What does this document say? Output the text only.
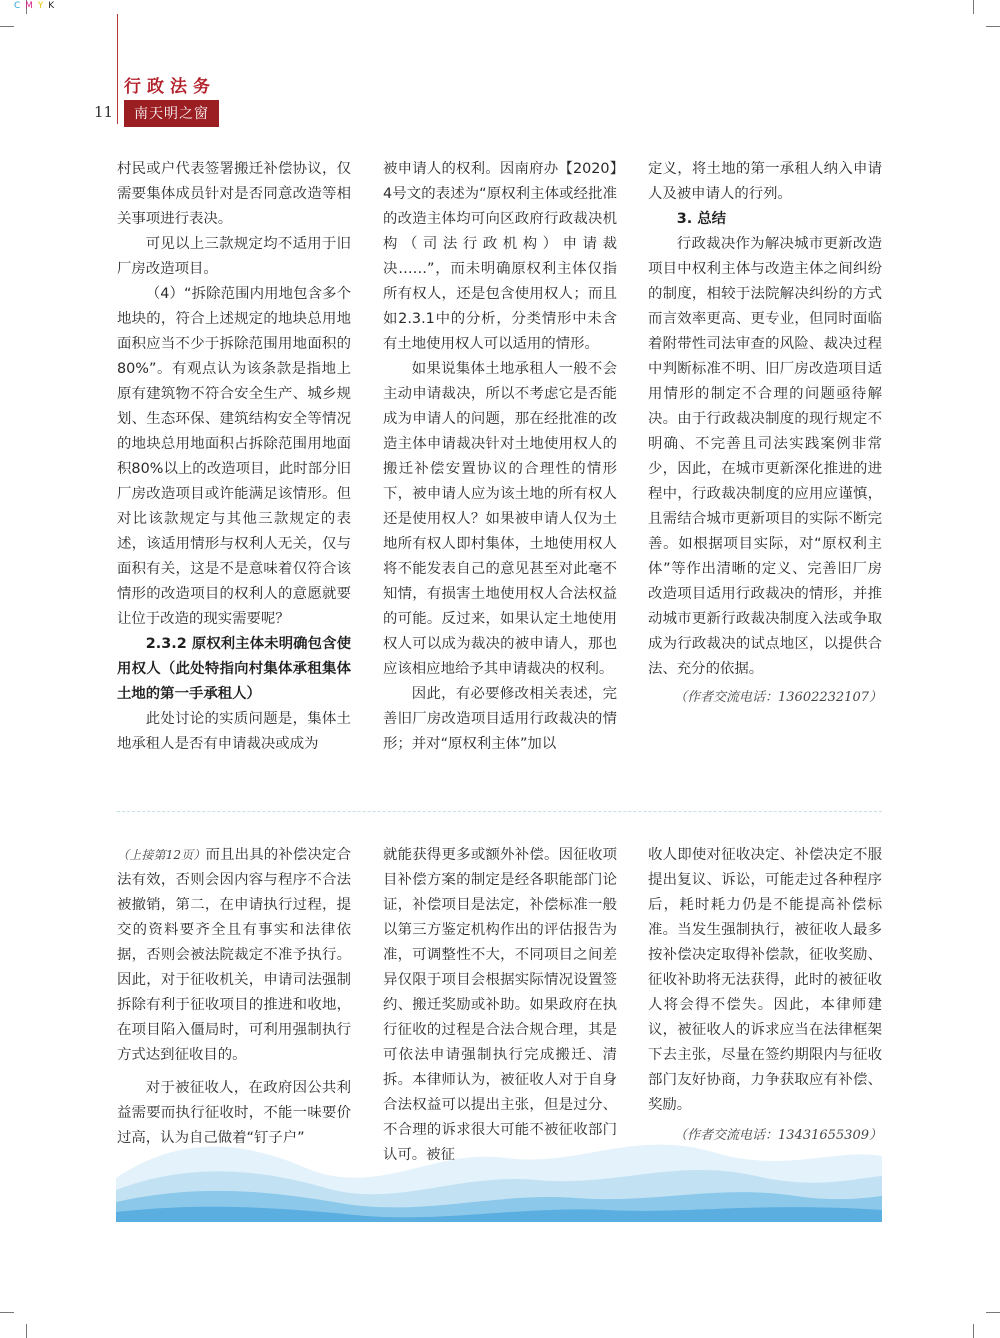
C M Y K
行政法务
11	南天明之窗

村民或户代表签署搬迁补偿协议，仅需要集体成员针对是否同意改造等相关事项进行表决。

可见以上三款规定均不适用于旧厂房改造项目。

（4）“拆除范围内用地包含多个地块的，符合上述规定的地块总用地面积应当不少于拆除范围用地面积的80%”。有观点认为该条款是指地上原有建筑物不符合安全生产、城乡规划、生态环保、建筑结构安全等情况的地块总用地面积占拆除范围用地面积80%以上的改造项目，此时部分旧厂房改造项目或许能满足该情形。但对比该款规定与其他三款规定的表述，该适用情形与权利人无关，仅与面积有关，这是不是意味着仅符合该情形的改造项目的权利人的意愿就要让位于改造的现实需要呢？

2.3.2 原权利主体未明确包含使用权人（此处特指向村集体承租集体土地的第一手承租人）

此处讨论的实质问题是，集体土地承租人是否有申请裁决或成为

被申请人的权利。因南府办【2020】4号文的表述为“原权利主体或经批准的改造主体均可向区政府行政裁决机构（司法行政机构）申请裁决……”，而未明确原权利主体仅指所有权人，还是包含使用权人；而且如2.3.1中的分析，分类情形中未含有土地使用权人可以适用的情形。

如果说集体土地承租人一般不会主动申请裁决，所以不考虑它是否能成为申请人的问题，那在经批准的改造主体申请裁决针对土地使用权人的搬迁补偿安置协议的合理性的情形下，被申请人应为该土地的所有权人还是使用权人？如果被申请人仅为土地所有权人即村集体，土地使用权人将不能发表自己的意见甚至对此毫不知情，有损害土地使用权人合法权益的可能。反过来，如果认定土地使用权人可以成为裁决的被申请人，那也应该相应地给予其申请裁决的权利。

因此，有必要修改相关表述，完善旧厂房改造项目适用行政裁决的情形；并对“原权利主体”加以

定义，将土地的第一承租人纳入申请人及被申请人的行列。

3. 总结

行政裁决作为解决城市更新改造项目中权利主体与改造主体之间纠纷的制度，相较于法院解决纠纷的方式而言效率更高、更专业，但同时面临着附带性司法审查的风险、裁决过程中判断标准不明、旧厂房改造项目适用情形的制定不合理的问题亟待解决。由于行政裁决制度的现行规定不明确、不完善且司法实践案例非常少，因此，在城市更新深化推进的进程中，行政裁决制度的应用应谨慎，且需结合城市更新项目的实际不断完善。如根据项目实际，对“原权利主体”等作出清晰的定义、完善旧厂房改造项目适用行政裁决的情形，并推动城市更新行政裁决制度入法或争取成为行政裁决的试点地区，以提供合法、充分的依据。

（作者交流电话：13602232107）

（上接第12页）而且出具的补偿决定合法有效，否则会因内容与程序不合法被撤销，第二，在申请执行过程，提交的资料要齐全且有事实和法律依据，否则会被法院裁定不准予执行。因此，对于征收机关，申请司法强制拆除有利于征收项目的推进和收地，在项目陷入僵局时，可利用强制执行方式达到征收目的。

对于被征收人，在政府因公共利益需要而执行征收时，不能一味要价过高，认为自己做着“钉子户”

就能获得更多或额外补偿。因征收项目补偿方案的制定是经各职能部门论证，补偿项目是法定，补偿标准一般以第三方鉴定机构作出的评估报告为准，可调整性不大，不同项目之间差异仅限于项目会根据实际情况设置签约、搬迁奖励或补助。如果政府在执行征收的过程是合法合规合理，其是可依法申请强制执行完成搬迁、清拆。本律师认为，被征收人对于自身合法权益可以提出主张，但是过分、不合理的诉求很大可能不被征收部门认可。被征

收人即使对征收决定、补偿决定不服提出复议、诉讼，可能走过各种程序后，耗时耗力仍是不能提高补偿标准。当发生强制执行，被征收人最多按补偿决定取得补偿款，征收奖励、征收补助将无法获得，此时的被征收人将会得不偿失。因此，本律师建议，被征收人的诉求应当在法律框架下去主张，尽量在签约期限内与征收部门友好协商，力争获取应有补偿、奖励。

（作者交流电话：13431655309）
